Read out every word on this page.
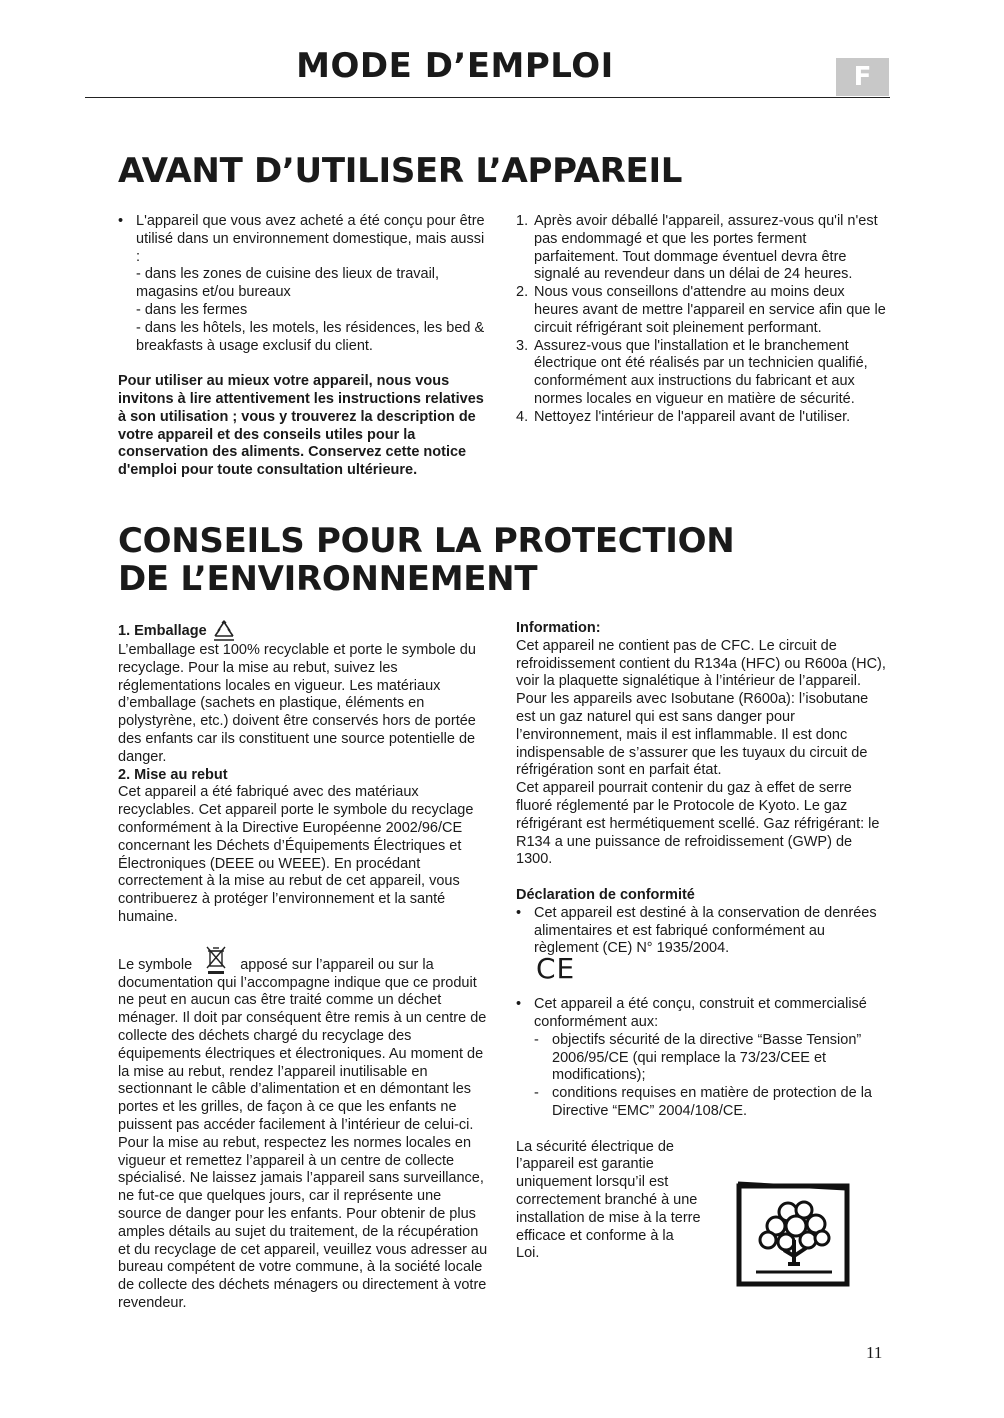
MODE D’EMPLOI	F
AVANT D’UTILISER L’APPAREIL
• L'appareil que vous avez acheté a été conçu pour être utilisé dans un environnement domestique, mais aussi :

- dans les zones de cuisine des lieux de travail, magasins et/ou bureaux

- dans les fermes

- dans les hôtels, les motels, les résidences, les bed & breakfasts à usage exclusif du client.

Pour utiliser au mieux votre appareil, nous vous invitons à lire attentivement les instructions relatives à son utilisation ; vous y trouverez la description de votre appareil et des conseils utiles pour la conservation des aliments. Conservez cette notice d'emploi pour toute consultation ultérieure.

1. Après avoir déballé l'appareil, assurez-vous qu'il n'est pas endommagé et que les portes ferment parfaitement. Tout dommage éventuel devra être signalé au revendeur dans un délai de 24 heures.
2. Nous vous conseillons d'attendre au moins deux heures avant de mettre l'appareil en service afin que le circuit réfrigérant soit pleinement performant.
3. Assurez-vous que l'installation et le branchement électrique ont été réalisés par un technicien qualifié, conformément aux instructions du fabricant et aux normes locales en vigueur en matière de sécurité.
4. Nettoyez l'intérieur de l'appareil avant de l'utiliser.
CONSEILS POUR LA PROTECTION
DE L’ENVIRONNEMENT

1. Emballage

L’emballage est 100% recyclable et porte le symbole du recyclage. Pour la mise au rebut, suivez les réglementations locales en vigueur. Les matériaux d’emballage (sachets en plastique, éléments en polystyrène, etc.) doivent être conservés hors de portée des enfants car ils constituent une source potentielle de danger.

2. Mise au rebut

Cet appareil a été fabriqué avec des matériaux recyclables. Cet appareil porte le symbole du recyclage conformément à la Directive Européenne 2002/96/CE concernant les Déchets d’Équipements Électriques et Électroniques (DEEE ou WEEE). En procédant correctement à la mise au rebut de cet appareil, vous contribuerez à protéger l’environnement et la santé humaine.

Le symbole	apposé sur l’appareil ou sur la documentation qui l’accompagne indique que ce produit ne peut en aucun cas être traité comme un déchet ménager. Il doit par conséquent être remis à un centre de collecte des déchets chargé du recyclage des équipements électriques et électroniques. Au moment de la mise au rebut, rendez l’appareil inutilisable en sectionnant le câble d’alimentation et en démontant les portes et les grilles, de façon à ce que les enfants ne puissent pas accéder facilement à l’intérieur de celui-ci. Pour la mise au rebut, respectez les normes locales en vigueur et remettez l’appareil à un centre de collecte spécialisé. Ne laissez jamais l’appareil sans surveillance, ne fut-ce que quelques jours, car il représente une source de danger pour les enfants. Pour obtenir de plus amples détails au sujet du traitement, de la récupération et du recyclage de cet appareil, veuillez vous adresser au bureau compétent de votre commune, à la société locale de collecte des déchets ménagers ou directement à votre revendeur.

Information:

Cet appareil ne contient pas de CFC. Le circuit de refroidissement contient du R134a (HFC) ou R600a (HC), voir la plaquette signalétique à l’intérieur de l’appareil.

Pour les appareils avec Isobutane (R600a): l’isobutane est un gaz naturel qui est sans danger pour l’environnement, mais il est inflammable. Il est donc indispensable de s’assurer que les tuyaux du circuit de réfrigération sont en parfait état.

Cet appareil pourrait contenir du gaz à effet de serre fluoré réglementé par le Protocole de Kyoto. Le gaz réfrigérant est hermétiquement scellé. Gaz réfrigérant: le R134 a une puissance de refroidissement (GWP) de 1300.

Déclaration de conformité

• Cet appareil est destiné à la conservation de denrées alimentaires et est fabriqué conformément au règlement (CE) N° 1935/2004.
CE
• Cet appareil a été conçu, construit et commercialisé conformément aux:
- objectifs sécurité de la directive “Basse Tension” 2006/95/CE (qui remplace la 73/23/CEE et modifications);
- conditions requises en matière de protection de la Directive “EMC” 2004/108/CE.

La sécurité électrique de l’appareil est garantie uniquement lorsqu’il est correctement branché à une installation de mise à la terre efficace et conforme à la Loi.

11
